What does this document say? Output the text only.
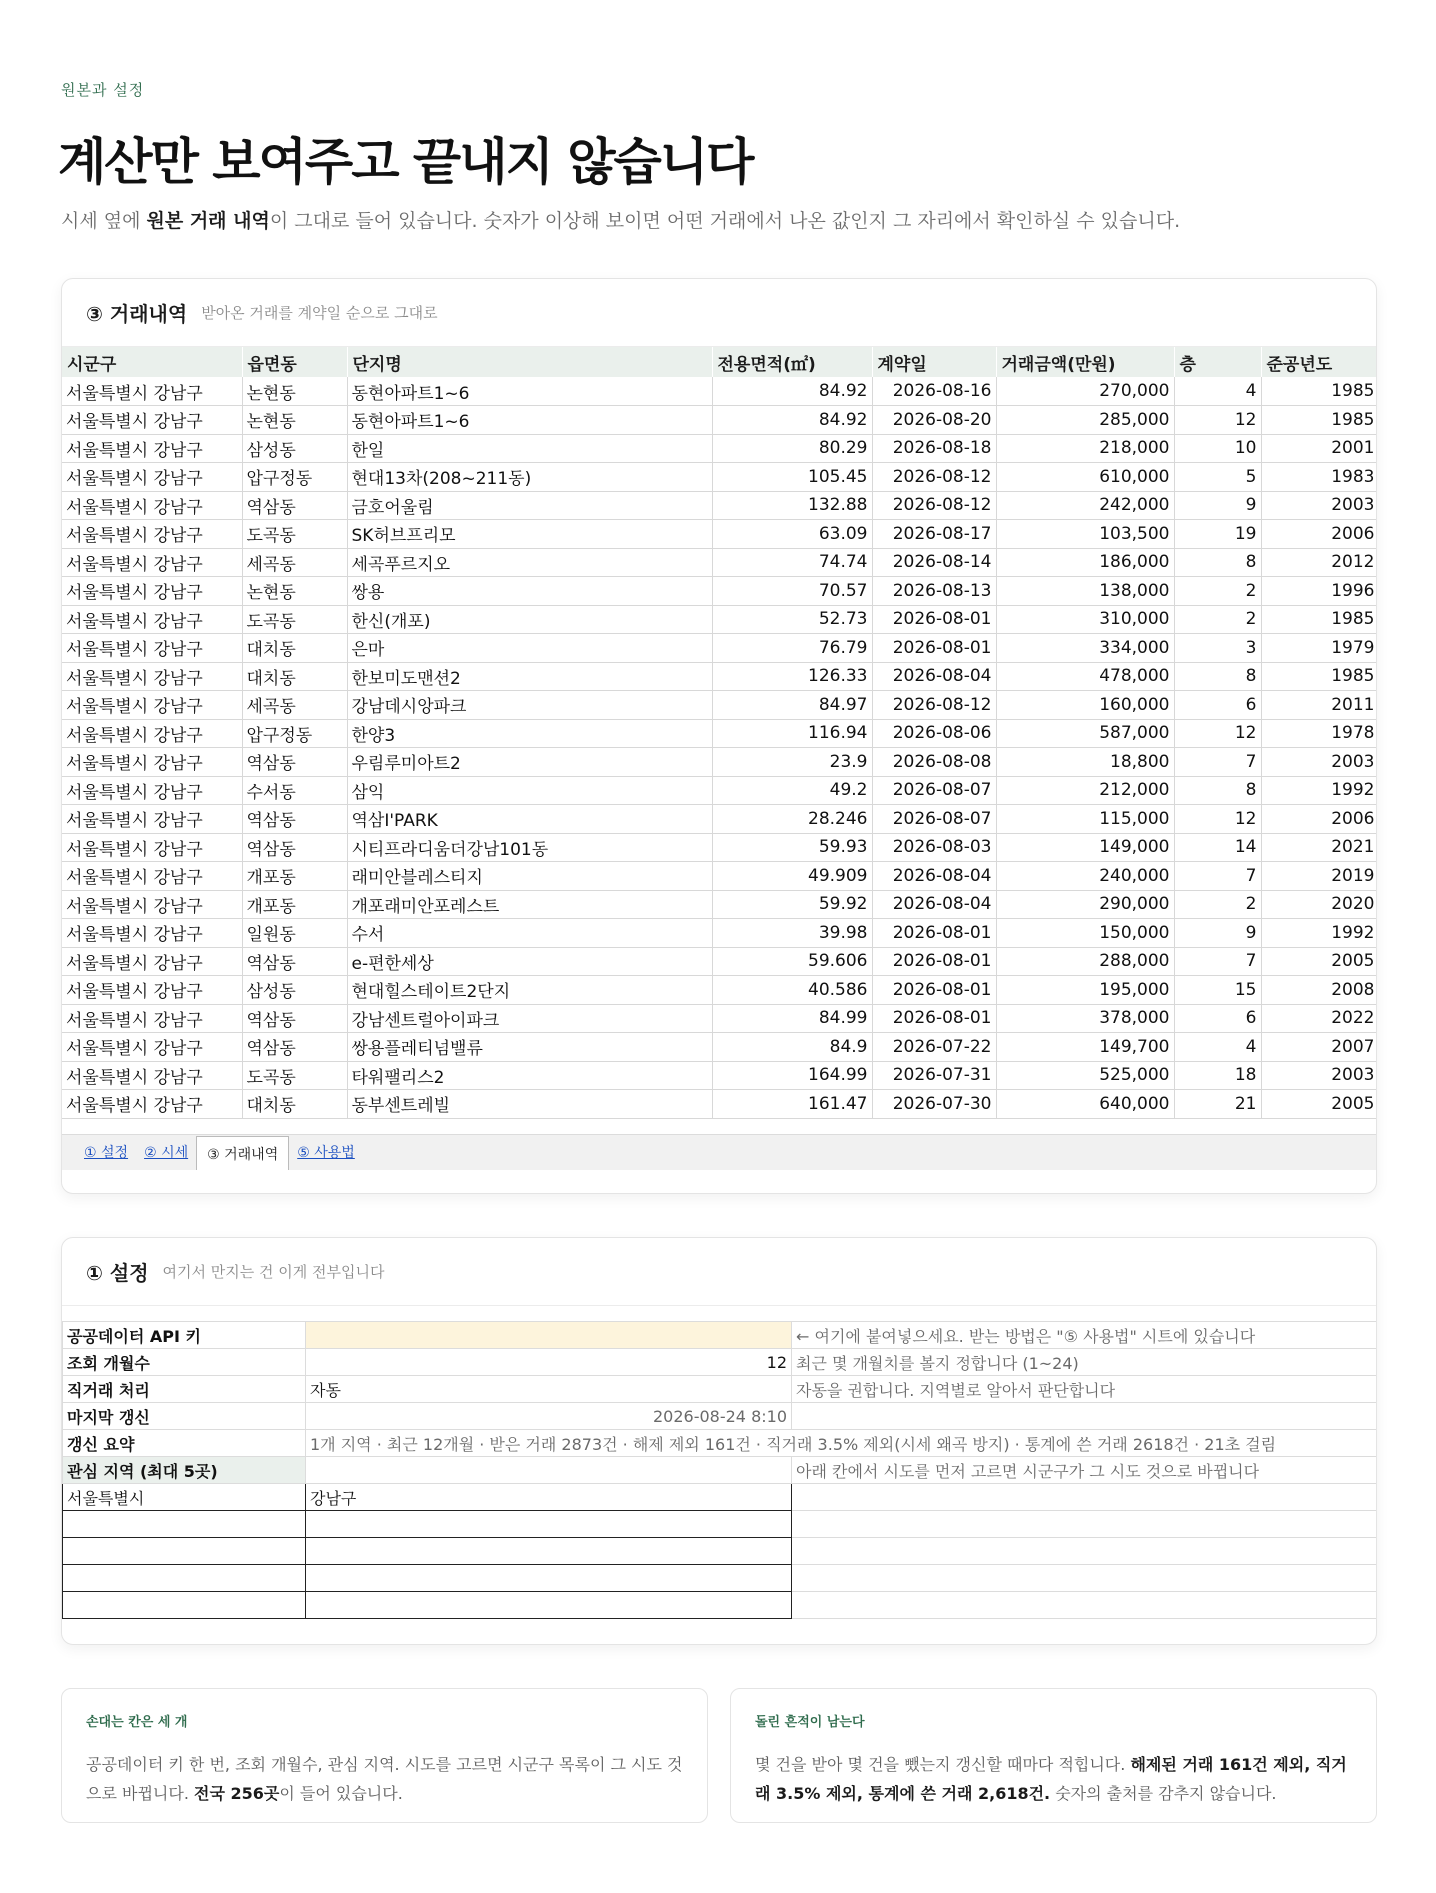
원본과 설정
계산만 보여주고 끝내지 않습니다

시세 옆에 원본 거래 내역이 그대로 들어 있습니다. 숫자가 이상해 보이면 어떤 거래에서 나온 값인지 그 자리에서 확인하실 수 있습니다.

③ 거래내역 받아온 거래를 계약일 순으로 그대로
시군구	읍면동	단지명	전용면적(㎡)	계약일	거래금액(만원)	층	준공년도
서울특별시 강남구	논현동	동현아파트1~6	84.92	2026-08-16	270,000	4	1985
서울특별시 강남구	논현동	동현아파트1~6	84.92	2026-08-20	285,000	12	1985
서울특별시 강남구	삼성동	한일	80.29	2026-08-18	218,000	10	2001
서울특별시 강남구	압구정동	현대13차(208~211동)	105.45	2026-08-12	610,000	5	1983
서울특별시 강남구	역삼동	금호어울림	132.88	2026-08-12	242,000	9	2003
서울특별시 강남구	도곡동	SK허브프리모	63.09	2026-08-17	103,500	19	2006
서울특별시 강남구	세곡동	세곡푸르지오	74.74	2026-08-14	186,000	8	2012
서울특별시 강남구	논현동	쌍용	70.57	2026-08-13	138,000	2	1996
서울특별시 강남구	도곡동	한신(개포)	52.73	2026-08-01	310,000	2	1985
서울특별시 강남구	대치동	은마	76.79	2026-08-01	334,000	3	1979
서울특별시 강남구	대치동	한보미도맨션2	126.33	2026-08-04	478,000	8	1985
서울특별시 강남구	세곡동	강남데시앙파크	84.97	2026-08-12	160,000	6	2011
서울특별시 강남구	압구정동	한양3	116.94	2026-08-06	587,000	12	1978
서울특별시 강남구	역삼동	우림루미아트2	23.9	2026-08-08	18,800	7	2003
서울특별시 강남구	수서동	삼익	49.2	2026-08-07	212,000	8	1992
서울특별시 강남구	역삼동	역삼I'PARK	28.246	2026-08-07	115,000	12	2006
서울특별시 강남구	역삼동	시티프라디움더강남101동	59.93	2026-08-03	149,000	14	2021
서울특별시 강남구	개포동	래미안블레스티지	49.909	2026-08-04	240,000	7	2019
서울특별시 강남구	개포동	개포래미안포레스트	59.92	2026-08-04	290,000	2	2020
서울특별시 강남구	일원동	수서	39.98	2026-08-01	150,000	9	1992
서울특별시 강남구	역삼동	e-편한세상	59.606	2026-08-01	288,000	7	2005
서울특별시 강남구	삼성동	현대힐스테이트2단지	40.586	2026-08-01	195,000	15	2008
서울특별시 강남구	역삼동	강남센트럴아이파크	84.99	2026-08-01	378,000	6	2022
서울특별시 강남구	역삼동	쌍용플레티넘밸류	84.9	2026-07-22	149,700	4	2007
서울특별시 강남구	도곡동	타워팰리스2	164.99	2026-07-31	525,000	18	2003
서울특별시 강남구	대치동	동부센트레빌	161.47	2026-07-30	640,000	21	2005
① 설정	② 시세	③ 거래내역	⑤ 사용법
① 설정 여기서 만지는 건 이게 전부입니다
공공데이터 API 키		← 여기에 붙여넣으세요. 받는 방법은 "⑤ 사용법" 시트에 있습니다
조회 개월수	12	최근 몇 개월치를 볼지 정합니다 (1~24)
직거래 처리	자동	자동을 권합니다. 지역별로 알아서 판단합니다
마지막 갱신	2026-08-24 8:10	
갱신 요약	1개 지역 · 최근 12개월 · 받은 거래 2873건 · 해제 제외 161건 · 직거래 3.5% 제외(시세 왜곡 방지) · 통계에 쓴 거래 2618건 · 21초 걸림	
관심 지역 (최대 5곳)		아래 칸에서 시도를 먼저 고르면 시군구가 그 시도 것으로 바뀝니다
서울특별시	강남구	

손대는 칸은 세 개
공공데이터 키 한 번, 조회 개월수, 관심 지역. 시도를 고르면 시군구 목록이 그 시도 것으로 바뀝니다. 전국 256곳이 들어 있습니다.
돌린 흔적이 남는다
몇 건을 받아 몇 건을 뺐는지 갱신할 때마다 적힙니다. 해제된 거래 161건 제외, 직거래 3.5% 제외, 통계에 쓴 거래 2,618건. 숫자의 출처를 감추지 않습니다.
